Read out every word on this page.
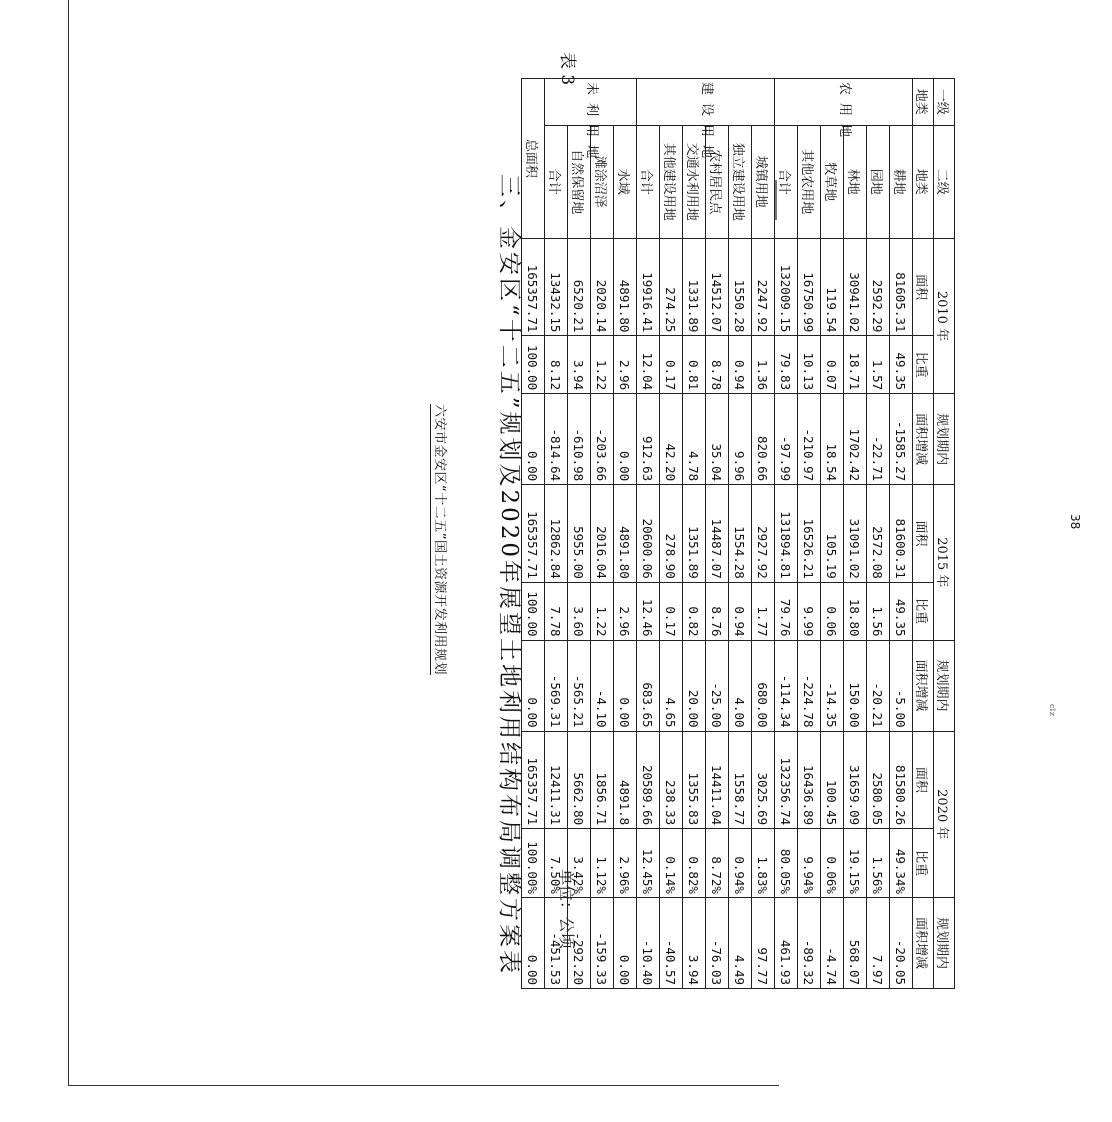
六安市金安区“十二五”国土资源开发利用规划 三、金安区“十二五”规划及2020年展望土地利用结构布局调整方案表
表 3
单位：公顷
38
ᶜˡᶻ
一级	二级	2010 年		规划期内	2015 年		规划期内	2020 年		规划期内
地类	地类	面积	比重	面积增减	面积	比重	面积增减	面积	比重	面积增减
农用地	耕地	81605.31	49.35	-1585.27	81600.31	49.35	-5.00	81580.26	49.34%	-20.05
	园地	2592.29	1.57	-22.71	2572.08	1.56	-20.21	2580.05	1.56%	7.97
	林地	30941.02	18.71	1702.42	31091.02	18.80	150.00	31659.09	19.15%	568.07
	牧草地	119.54	0.07	18.54	105.19	0.06	-14.35	100.45	0.06%	-4.74
	其他农用地	16750.99	10.13	-210.97	16526.21	9.99	-224.78	16436.89	9.94%	-89.32
	合计	132009.15	79.83	-97.99	131894.81	79.76	-114.34	132356.74	80.05%	461.93
建设用地	城镇用地	2247.92	1.36	820.66	2927.92	1.77	680.00	3025.69	1.83%	97.77
	独立建设用地	1550.28	0.94	9.96	1554.28	0.94	4.00	1558.77	0.94%	4.49
	农村居民点	14512.07	8.78	35.04	14487.07	8.76	-25.00	14411.04	8.72%	-76.03
	交通水利用地	1331.89	0.81	4.78	1351.89	0.82	20.00	1355.83	0.82%	3.94
	其他建设用地	274.25	0.17	42.20	278.90	0.17	4.65	238.33	0.14%	-40.57
	合计	19916.41	12.04	912.63	20600.06	12.46	683.65	20589.66	12.45%	-10.40
未利用地	水域	4891.80	2.96	0.00	4891.80	2.96	0.00	4891.8	2.96%	0.00
	滩涂沼泽	2020.14	1.22	-203.66	2016.04	1.22	-4.10	1856.71	1.12%	-159.33
	自然保留地	6520.21	3.94	-610.98	5955.00	3.60	-565.21	5662.80	3.42%	-292.20
	合计	13432.15	8.12	-814.64	12862.84	7.78	-569.31	12411.31	7.50%	-451.53
总面积		165357.71	100.00	0.00	165357.71	100.00	0.00	165357.71	100.00%	0.00
